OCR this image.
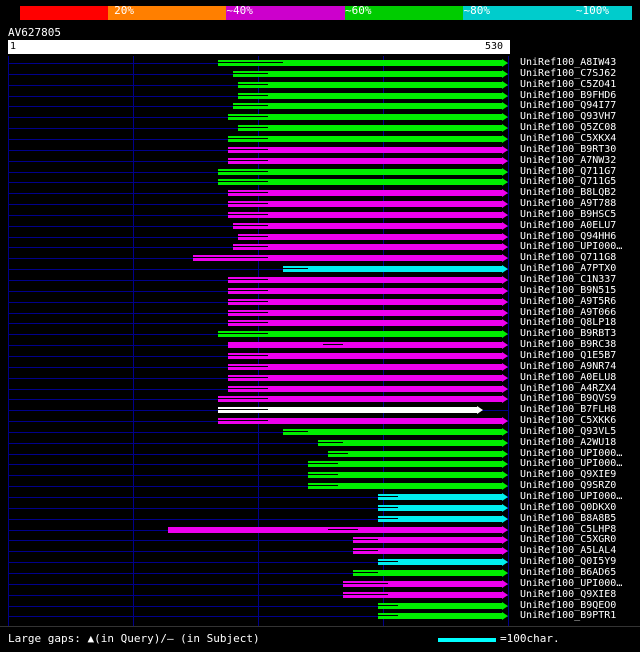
20%	~40%	~60%	~80%	~100%
AV627805
1	530
UniRef100_A8IW43
UniRef100_C7SJ62
UniRef100_C5ZO41
UniRef100_B9FHD6
UniRef100_Q94I77
UniRef100_Q93VH7
UniRef100_Q5ZC08
UniRef100_C5XKX4
UniRef100_B9RT30
UniRef100_A7NW32
UniRef100_Q711G7
UniRef100_Q711G5
UniRef100_B8LQB2
UniRef100_A9T788
UniRef100_B9HSC5
UniRef100_A0ELU7
UniRef100_Q94HH6
UniRef100_UPI000…
UniRef100_Q711G8
UniRef100_A7PTX0
UniRef100_C1N337
UniRef100_B9N515
UniRef100_A9T5R6
UniRef100_A9T066
UniRef100_Q8LP18
UniRef100_B9RBT3
UniRef100_B9RC38
UniRef100_Q1E5B7
UniRef100_A9NR74
UniRef100_A0ELU8
UniRef100_A4RZX4
UniRef100_B9QVS9
UniRef100_B7FLH8
UniRef100_C5XKK6
UniRef100_Q93VL5
UniRef100_A2WU18
UniRef100_UPI000…
UniRef100_UPI000…
UniRef100_Q9XIE9
UniRef100_Q9SRZ0
UniRef100_UPI000…
UniRef100_Q0DKX0
UniRef100_B8A8B5
UniRef100_C5LHP8
UniRef100_C5XGR0
UniRef100_A5LAL4
UniRef100_Q0I5Y9
UniRef100_B6AD65
UniRef100_UPI000…
UniRef100_Q9XIE8
UniRef100_B9QEO0
UniRef100_B9PTR1
Large gaps: ▲(in Query)/– (in Subject)	=100char.
